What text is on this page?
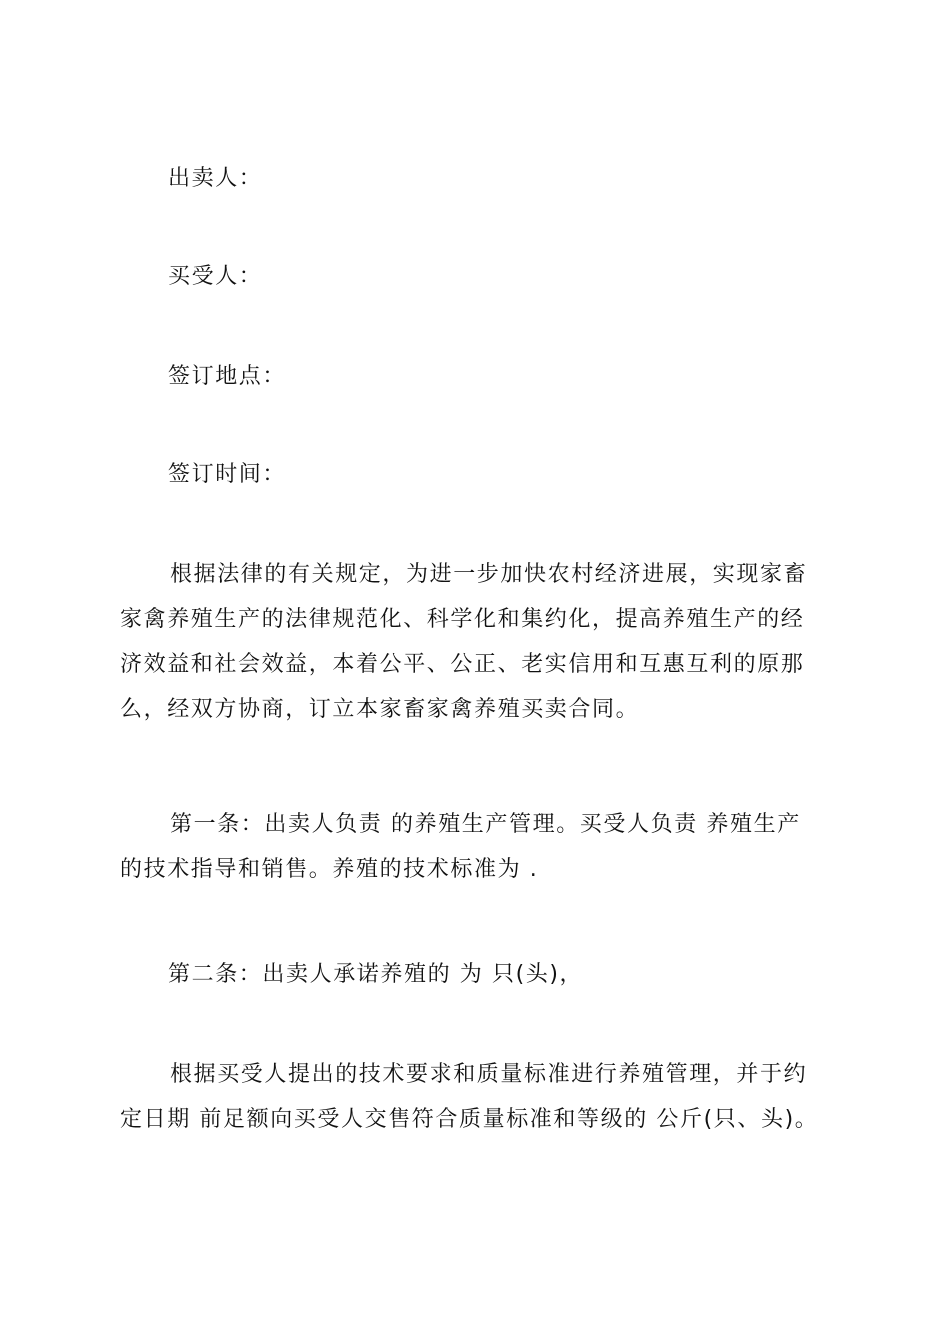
出卖人：
买受人：
签订地点：
签订时间：
根据法律的有关规定，为进一步加快农村经济进展，实现家畜
家禽养殖生产的法律规范化、科学化和集约化，提高养殖生产的经
济效益和社会效益，本着公平、公正、老实信用和互惠互利的原那
么，经双方协商，订立本家畜家禽养殖买卖合同。
第一条：出卖人负责 的养殖生产管理。买受人负责 养殖生产
的技术指导和销售。养殖的技术标准为 .
第二条：出卖人承诺养殖的 为 只(头)，
根据买受人提出的技术要求和质量标准进行养殖管理，并于约
定日期 前足额向买受人交售符合质量标准和等级的 公斤(只、头)。
